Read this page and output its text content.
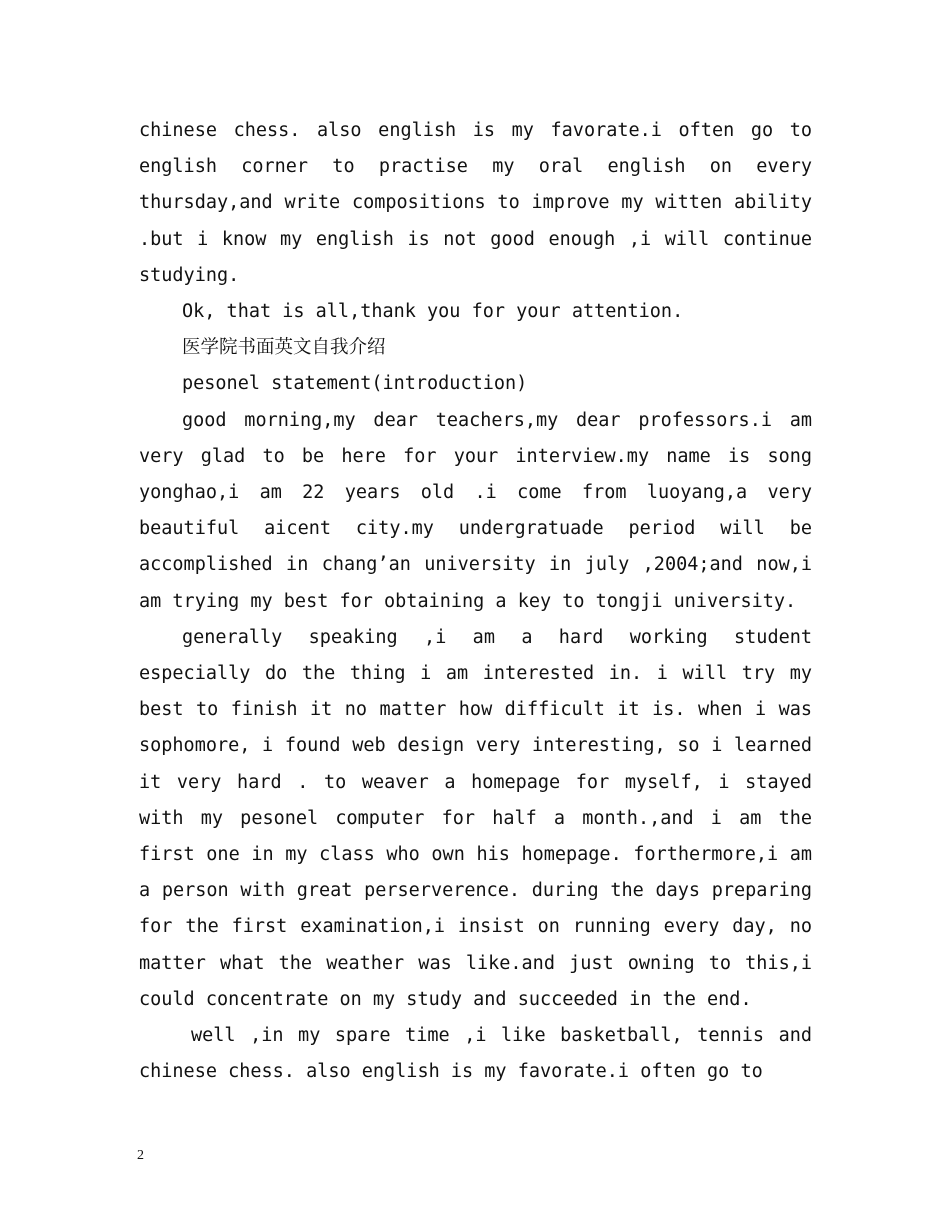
chinese chess. also english is my favorate.i often go to english corner to practise my oral english on every thursday,and write compositions to improve my witten ability .but i know my english is not good enough ,i will continue studying.

Ok, that is all,thank you for your attention.

医学院书面英文自我介绍

pesonel statement(introduction)

good morning,my dear teachers,my dear professors.i am very glad to be here for your interview.my name is song yonghao,i am 22 years old .i come from luoyang,a very beautiful aicent city.my undergratuade period will be accomplished in chang’an university in july ,2004;and now,i am trying my best for obtaining a key to tongji university.

generally speaking ,i am a hard working student especially do the thing i am interested in. i will try my best to finish it no matter how difficult it is. when i was sophomore, i found web design very interesting, so i learned it very hard . to weaver a homepage for myself, i stayed with my pesonel computer for half a month.,and i am the first one in my class who own his homepage. forthermore,i am a person with great perserverence. during the days preparing for the first examination,i insist on running every day, no matter what the weather was like.and just owning to this,i could concentrate on my study and succeeded in the end.

well ,in my spare time ,i like basketball, tennis and chinese chess. also english is my favorate.i often go to

2
